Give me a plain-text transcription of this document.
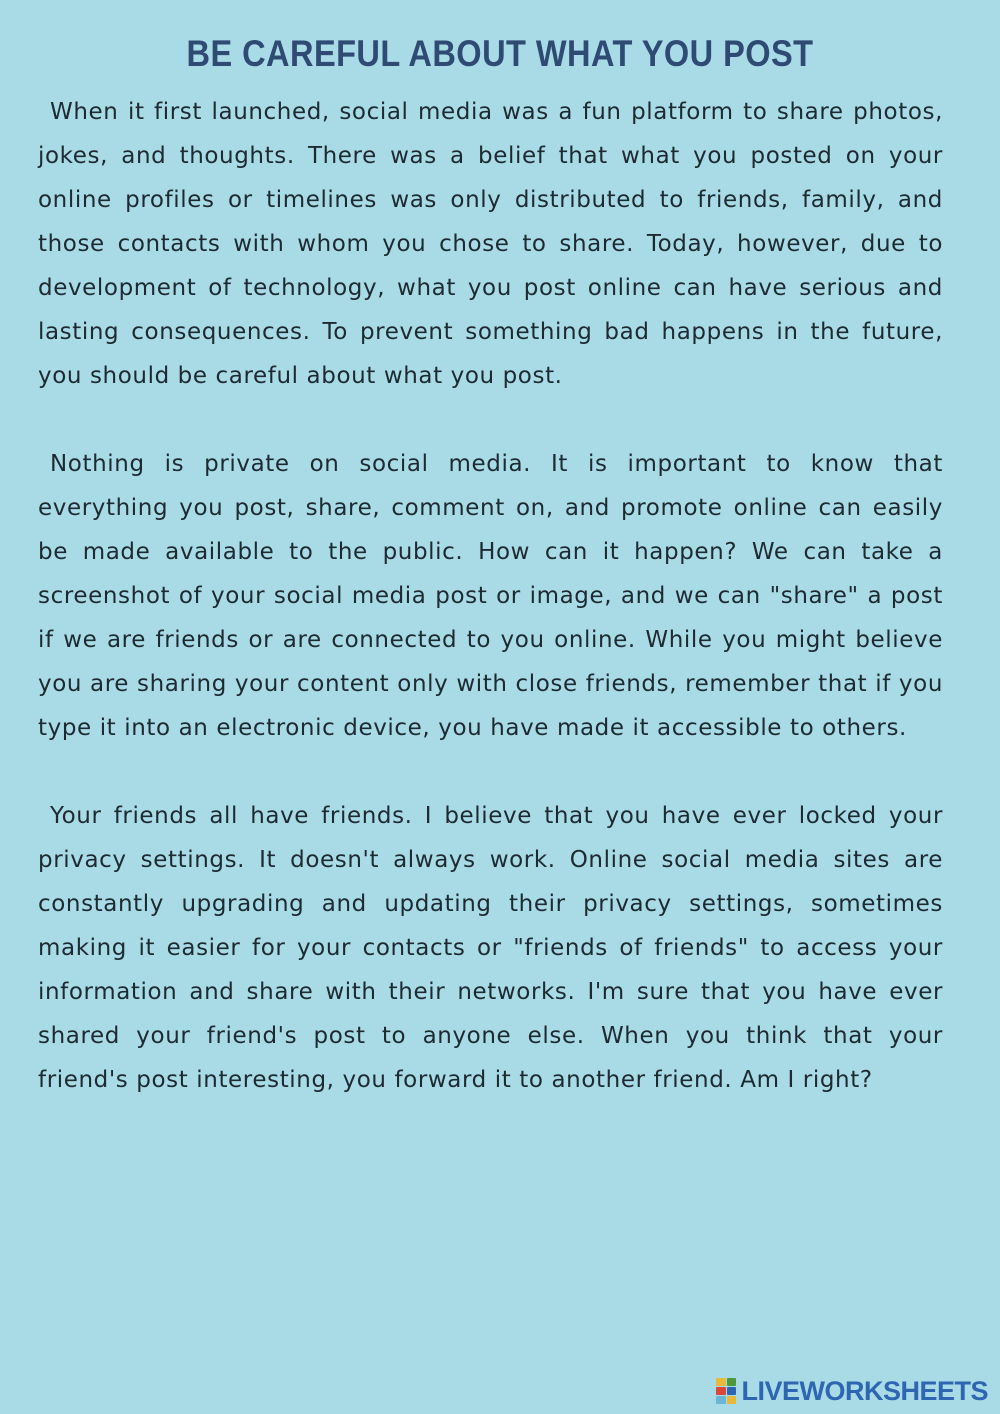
BE CAREFUL ABOUT WHAT YOU POST

When it first launched, social media was a fun platform to share photos, jokes, and thoughts. There was a belief that what you posted on your online profiles or timelines was only distributed to friends, family, and those contacts with whom you chose to share. Today, however, due to development of technology, what you post online can have serious and lasting consequences. To prevent something bad happens in the future, you should be careful about what you post.

Nothing is private on social media. It is important to know that everything you post, share, comment on, and promote online can easily be made available to the public. How can it happen? We can take a screenshot of your social media post or image, and we can "share" a post if we are friends or are connected to you online. While you might believe you are sharing your content only with close friends, remember that if you type it into an electronic device, you have made it accessible to others.

Your friends all have friends. I believe that you have ever locked your privacy settings. It doesn't always work. Online social media sites are constantly upgrading and updating their privacy settings, sometimes making it easier for your contacts or "friends of friends" to access your information and share with their networks. I'm sure that you have ever shared your friend's post to anyone else. When you think that your friend's post interesting, you forward it to another friend. Am I right?

LIVEWORKSHEETS
